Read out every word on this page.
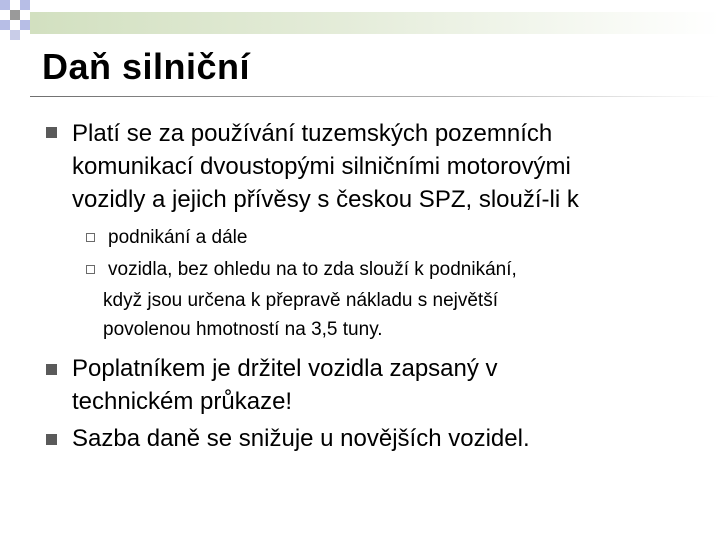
Daň silniční
Platí se za používání tuzemských pozemních
komunikací dvoustopými silničními motorovými
vozidly a jejich přívěsy s českou SPZ, slouží-li k
podnikání a dále
vozidla, bez ohledu na to zda slouží k podnikání,
když jsou určena k přepravě nákladu s největší
povolenou hmotností na 3,5 tuny.
Poplatníkem je držitel vozidla zapsaný v
technickém průkaze!
Sazba daně se snižuje u novějších vozidel.
